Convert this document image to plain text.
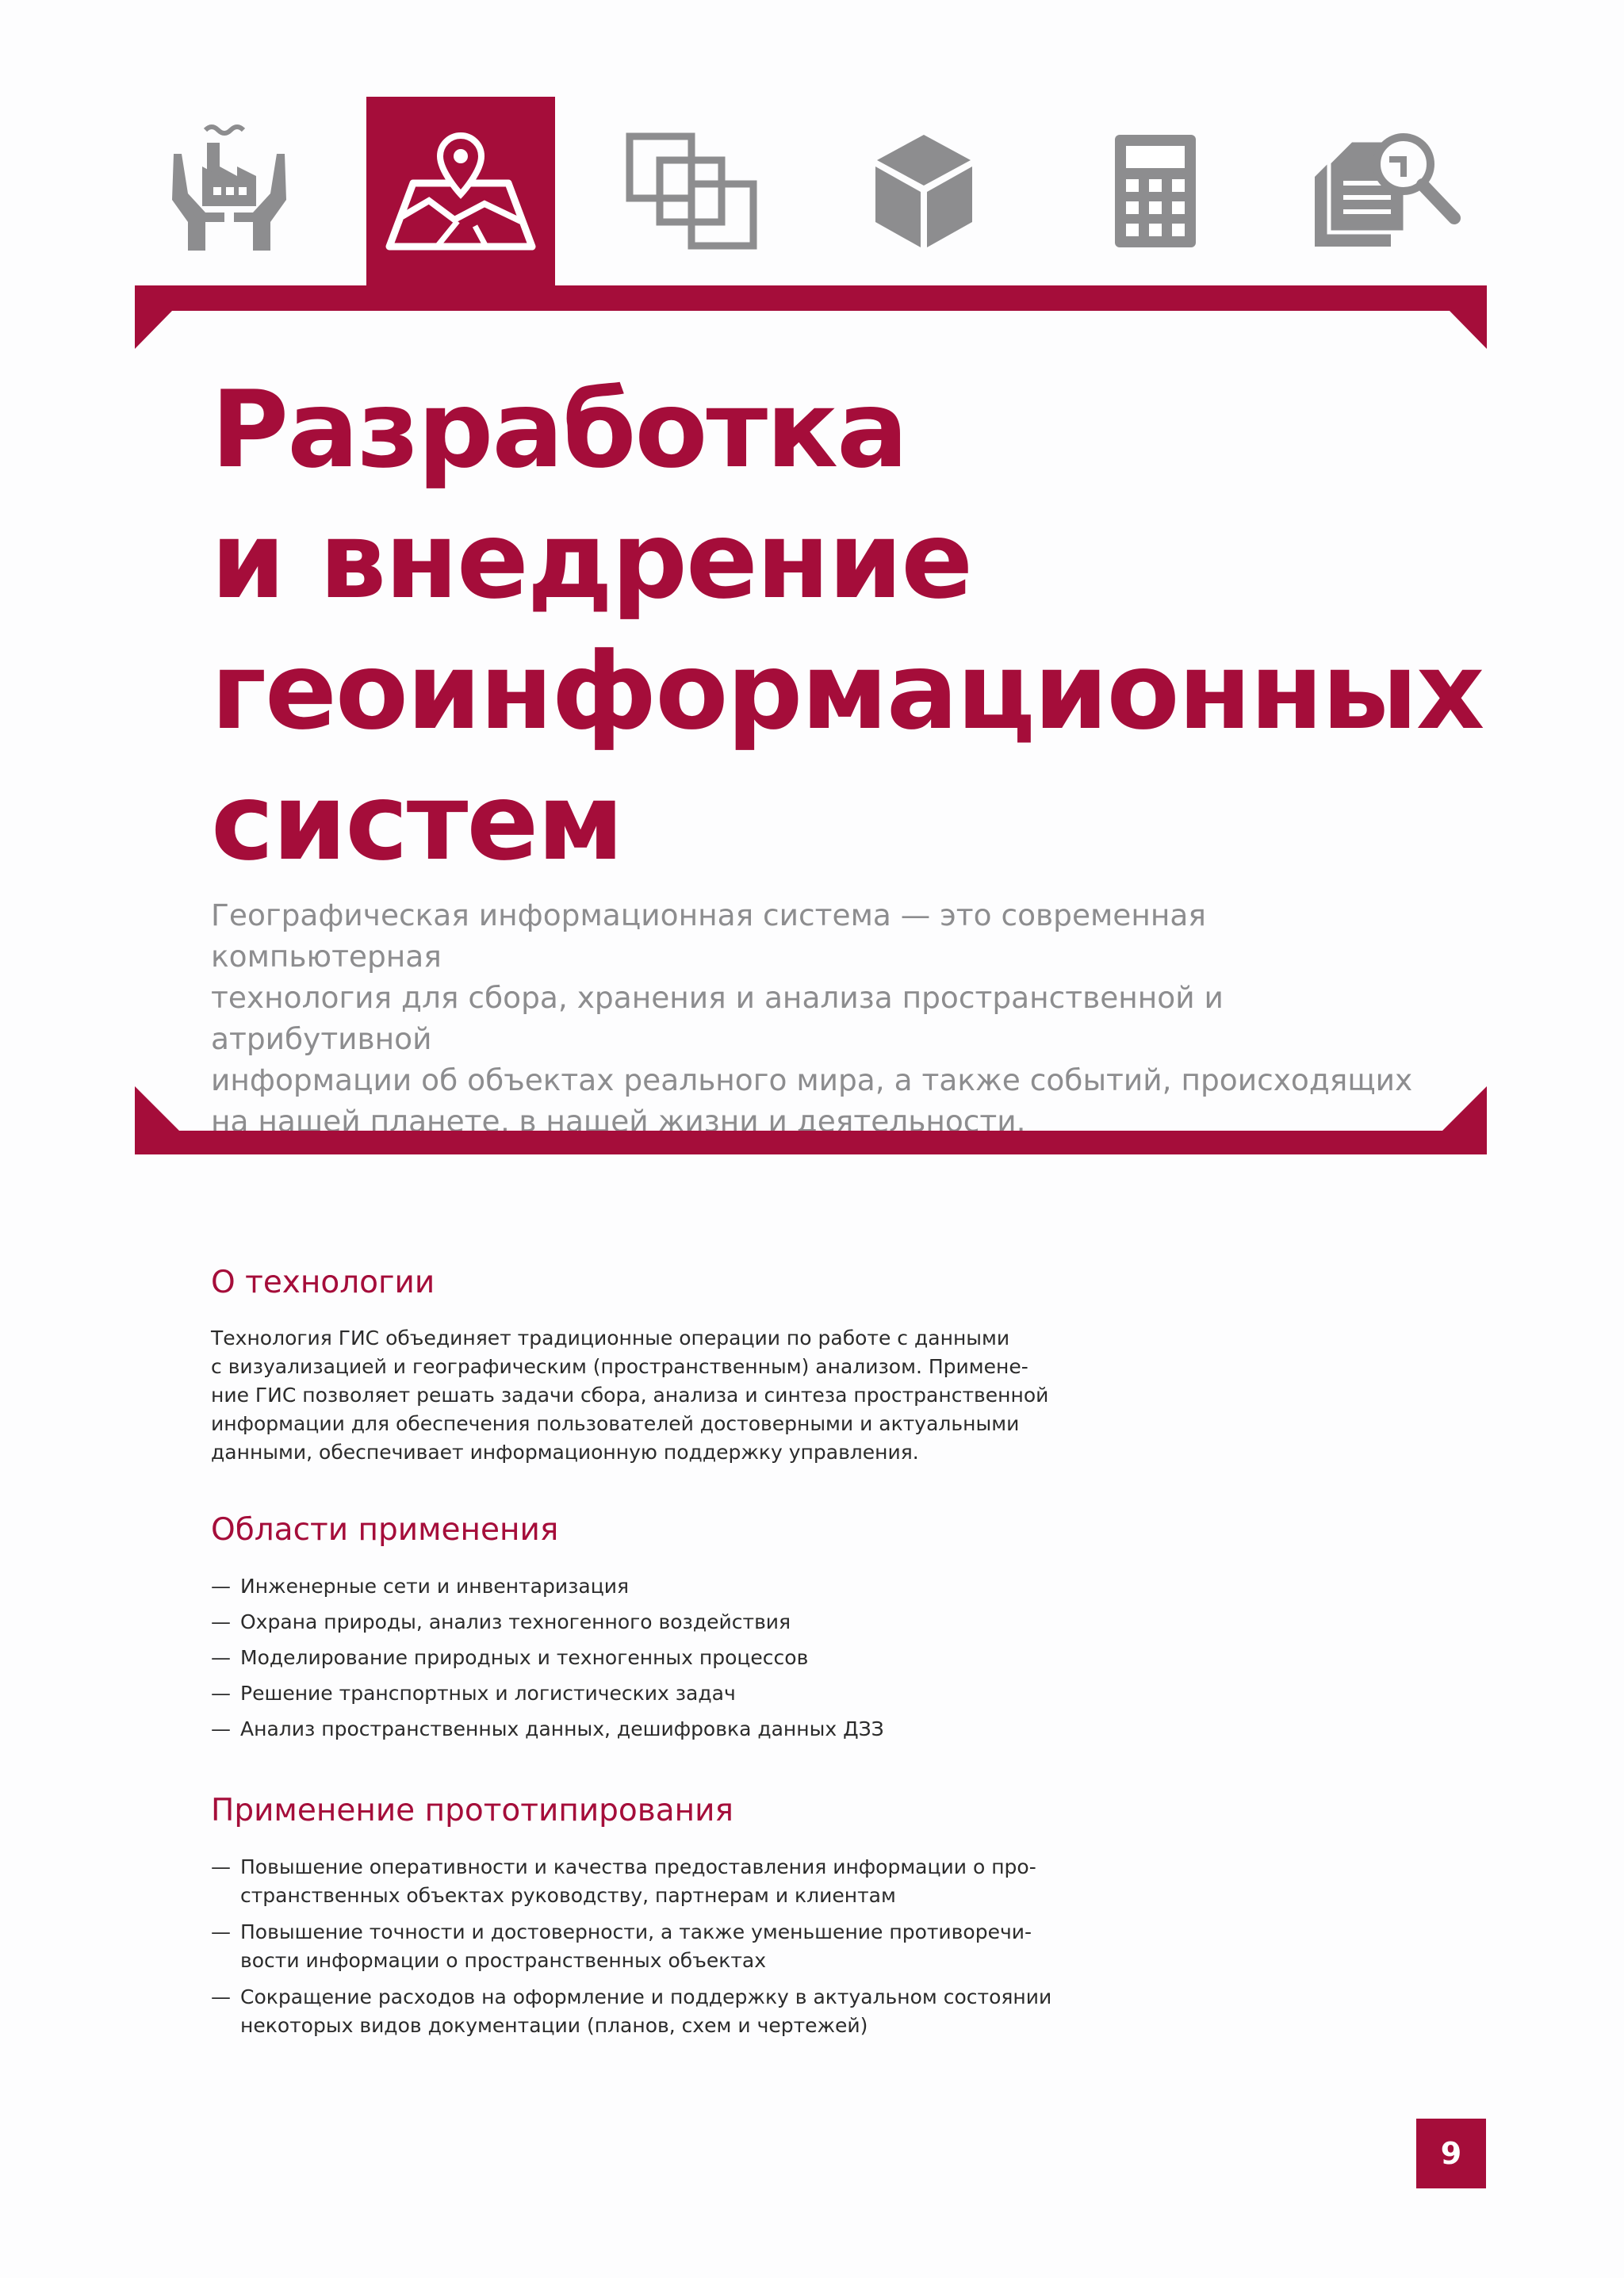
Разработка
и внедрение
геоинформационных
систем

Географическая информационная система — это современная компьютерная
технология для сбора, хранения и анализа пространственной и атрибутивной
информации об объектах реального мира, а также событий, происходящих
на нашей планете, в нашей жизни и деятельности.

О технологии

Технология ГИС объединяет традиционные операции по работе с данными
с визуализацией и географическим (пространственным) анализом. Примене-
ние ГИС позволяет решать задачи сбора, анализа и синтеза пространственной
информации для обеспечения пользователей достоверными и актуальными
данными, обеспечивает информационную поддержку управления.

Области применения
— Инженерные сети и инвентаризация
— Охрана природы, анализ техногенного воздействия
— Моделирование природных и техногенных процессов
— Решение транспортных и логистических задач
— Анализ пространственных данных, дешифровка данных ДЗЗ
Применение прототипирования
— Повышение оперативности и качества предоставления информации о про-
странственных объектах руководству, партнерам и клиентам
— Повышение точности и достоверности, а также уменьшение противоречи-
вости информации о пространственных объектах
— Сокращение расходов на оформление и поддержку в актуальном состоянии
некоторых видов документации (планов, схем и чертежей)
9
